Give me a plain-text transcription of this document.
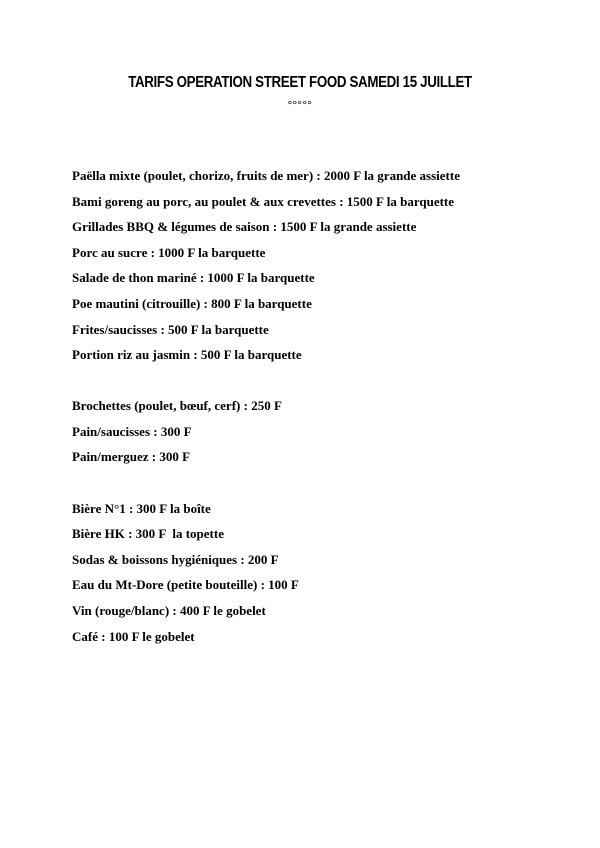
TARIFS OPERATION STREET FOOD SAMEDI 15 JUILLET
°°°°°
Paëlla mixte (poulet, chorizo, fruits de mer) : 2000 F la grande assiette
Bami goreng au porc, au poulet & aux crevettes : 1500 F la barquette
Grillades BBQ & légumes de saison : 1500 F la grande assiette
Porc au sucre : 1000 F la barquette
Salade de thon mariné : 1000 F la barquette
Poe mautini (citrouille) : 800 F la barquette
Frites/saucisses : 500 F la barquette
Portion riz au jasmin : 500 F la barquette
Brochettes (poulet, bœuf, cerf) : 250 F
Pain/saucisses : 300 F
Pain/merguez : 300 F
Bière N°1 : 300 F la boîte
Bière HK : 300 F  la topette
Sodas & boissons hygiéniques : 200 F
Eau du Mt-Dore (petite bouteille) : 100 F
Vin (rouge/blanc) : 400 F le gobelet
Café : 100 F le gobelet
